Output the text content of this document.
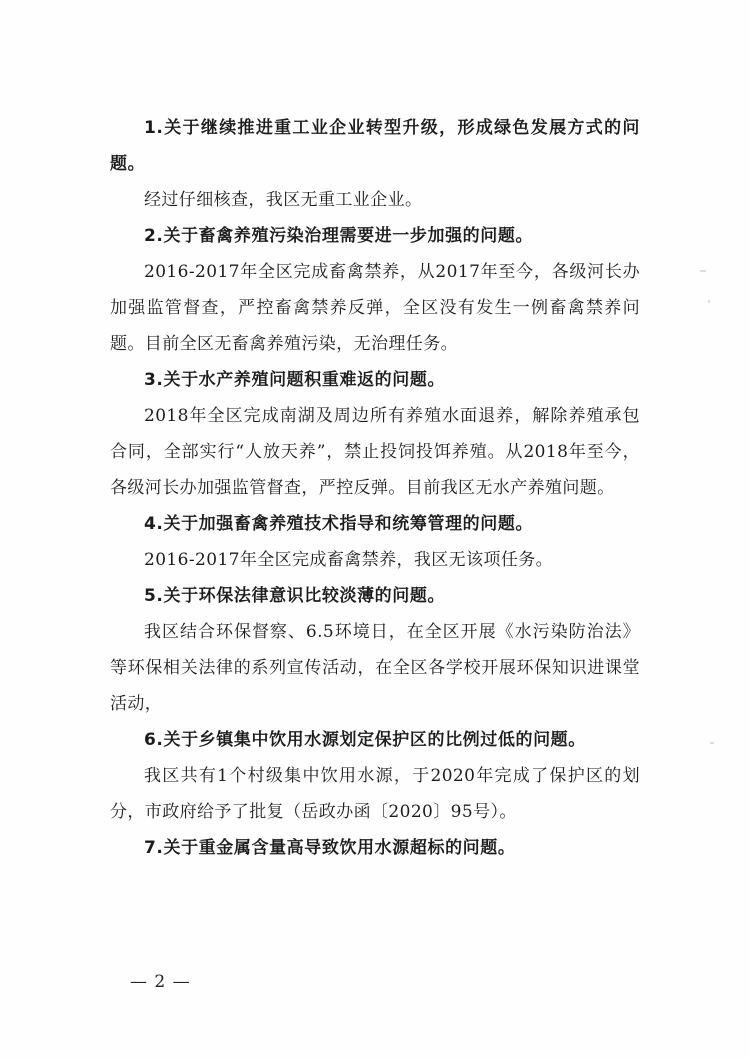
1.关于继续推进重工业企业转型升级，形成绿色发展方式的问题。

经过仔细核查，我区无重工业企业。

2.关于畜禽养殖污染治理需要进一步加强的问题。

2016-2017年全区完成畜禽禁养，从2017年至今，各级河长办加强监管督查，严控畜禽禁养反弹，全区没有发生一例畜禽禁养问题。目前全区无畜禽养殖污染，无治理任务。

3.关于水产养殖问题积重难返的问题。

2018年全区完成南湖及周边所有养殖水面退养，解除养殖承包合同，全部实行“人放天养”，禁止投饲投饵养殖。从2018年至今，各级河长办加强监管督查，严控反弹。目前我区无水产养殖问题。

4.关于加强畜禽养殖技术指导和统筹管理的问题。

2016-2017年全区完成畜禽禁养，我区无该项任务。

5.关于环保法律意识比较淡薄的问题。

我区结合环保督察、6.5环境日，在全区开展《水污染防治法》等环保相关法律的系列宣传活动，在全区各学校开展环保知识进课堂活动，

6.关于乡镇集中饮用水源划定保护区的比例过低的问题。

我区共有1个村级集中饮用水源，于2020年完成了保护区的划分，市政府给予了批复（岳政办函〔2020〕95号）。

7.关于重金属含量高导致饮用水源超标的问题。

— 2 —
